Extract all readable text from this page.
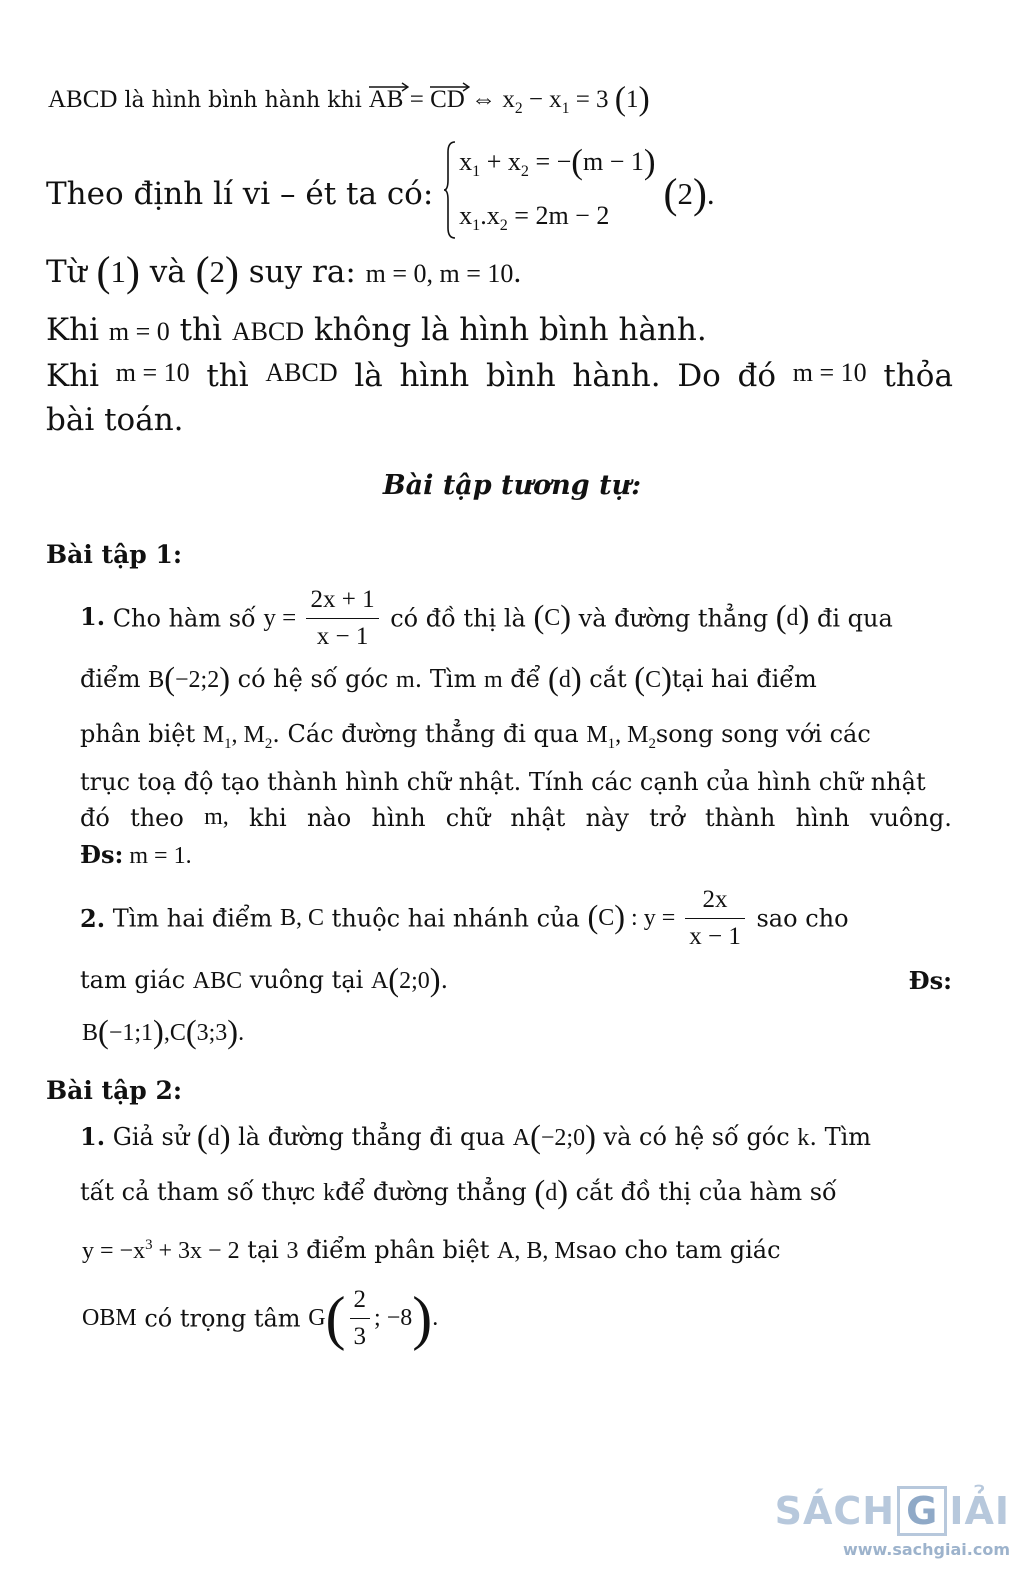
ABCD là hình bình hành khi
AB =
CD ⇔ $x_2 - x_1 = 3$ (1)
Theo định lí vi – ét ta có:
$x_1 + x_2 = -(m - 1)$
$x_1.x_2 = 2m - 2$	(2).
Từ (1) và (2) suy ra: m = 0, m = 10.
Khi m = 0 thì ABCD không là hình bình hành.
Khi m = 10 thì ABCD là hình bình hành. Do đó m = 10 thỏa
bài toán.
Bài tập tương tự:
Bài tập 1:
1. Cho hàm số $y = \frac{2x + 1}{x - 1}$ có đồ thị là (C) và đường thẳng (d) đi qua
điểm B(−2;2) có hệ số góc m. Tìm m để (d) cắt (C)tại hai điểm
phân biệt $M_1$, $M_2$. Các đường thẳng đi qua $M_1$, $M_2song$ song với các
trục toạ độ tạo thành hình chữ nhật. Tính các cạnh của hình chữ nhật
đó theo m, khi nào hình chữ nhật này trở thành hình vuông.
Đs: m = 1.
2. Tìm hai điểm B, C thuộc hai nhánh của (C) : $y = \frac{2x}{x - 1}$ sao cho
tam giác ABC vuông tại A(2;0).	Đs:
B(−1;1),C(3;3).
Bài tập 2:
1. Giả sử (d) là đường thẳng đi qua A(−2;0) và có hệ số góc k. Tìm
tất cả tham số thực kđể đường thẳng (d) cắt đồ thị của hàm số
$y = -x^3 + 3x - 2$ tại 3 điểm phân biệt A, B, Msao cho tam giác
OBM có trọng tâm $G( \frac{2}{3}$ ; −8).
SÁCH G IẢI
www.sachgiai.com
